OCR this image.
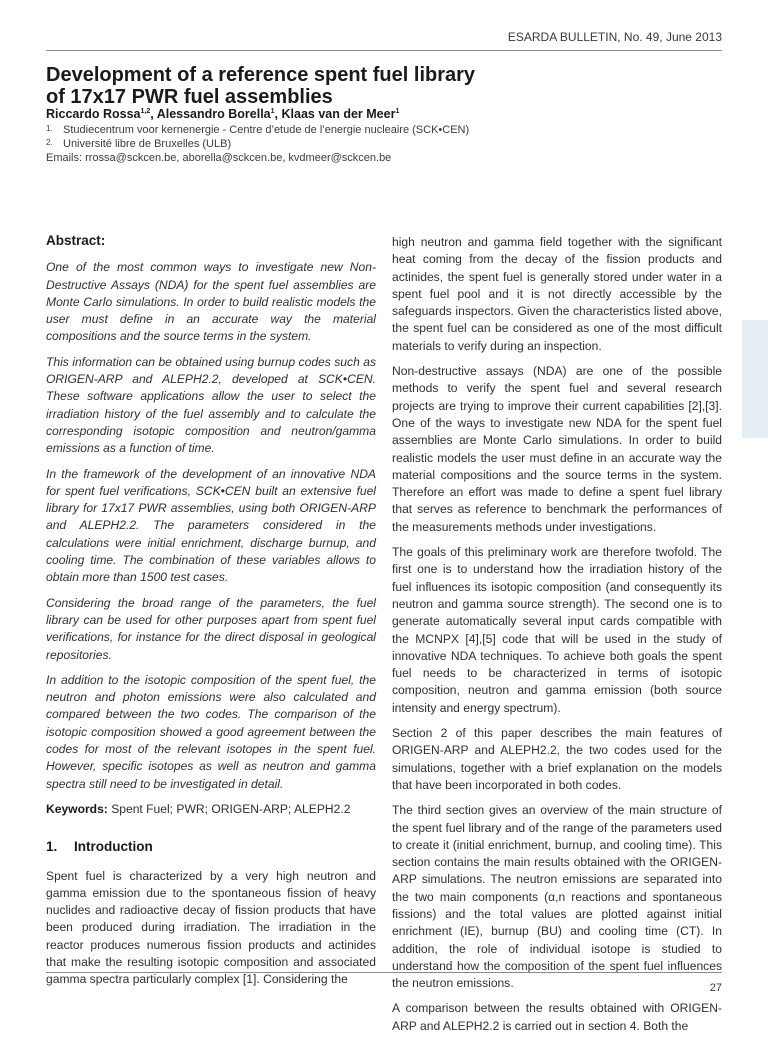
ESARDA BULLETIN, No. 49, June 2013
Development of a reference spent fuel library
of 17x17 PWR fuel assemblies
Riccardo Rossa$^{1,2}$, Alessandro Borella$^1$, Klaas van der Meer$^1$
1. Studiecentrum voor kernenergie - Centre d’etude de l’energie nucleaire (SCK•CEN)
2. Université libre de Bruxelles (ULB)
Emails: rrossa@sckcen.be, aborella@sckcen.be, kvdmeer@sckcen.be
Abstract:

One of the most common ways to investigate new Non-Destructive Assays (NDA) for the spent fuel assemblies are Monte Carlo simulations. In order to build realistic models the user must define in an accurate way the material compositions and the source terms in the system.

This information can be obtained using burnup codes such as ORIGEN-ARP and ALEPH2.2, developed at SCK•CEN. These software applications allow the user to select the irradiation history of the fuel assembly and to calculate the corresponding isotopic composition and neutron/gamma emissions as a function of time.

In the framework of the development of an innovative NDA for spent fuel verifications, SCK•CEN built an extensive fuel library for 17x17 PWR assemblies, using both ORIGEN-ARP and ALEPH2.2. The parameters considered in the calculations were initial enrichment, discharge burnup, and cooling time. The combination of these variables allows to obtain more than 1500 test cases.

Considering the broad range of the parameters, the fuel library can be used for other purposes apart from spent fuel verifications, for instance for the direct disposal in geological repositories.

In addition to the isotopic composition of the spent fuel, the neutron and photon emissions were also calculated and compared between the two codes. The comparison of the isotopic composition showed a good agreement between the codes for most of the relevant isotopes in the spent fuel. However, specific isotopes as well as neutron and gamma spectra still need to be investigated in detail.

Keywords: Spent Fuel; PWR; ORIGEN-ARP; ALEPH2.2

1. Introduction

Spent fuel is characterized by a very high neutron and gamma emission due to the spontaneous fission of heavy nuclides and radioactive decay of fission products that have been produced during irradiation. The irradiation in the reactor produces numerous fission products and actinides that make the resulting isotopic composition and associated gamma spectra particularly complex [1]. Considering the

high neutron and gamma field together with the significant heat coming from the decay of the fission products and actinides, the spent fuel is generally stored under water in a spent fuel pool and it is not directly accessible by the safeguards inspectors. Given the characteristics listed above, the spent fuel can be considered as one of the most difficult materials to verify during an inspection.

Non-destructive assays (NDA) are one of the possible methods to verify the spent fuel and several research projects are trying to improve their current capabilities [2],[3]. One of the ways to investigate new NDA for the spent fuel assemblies are Monte Carlo simulations. In order to build realistic models the user must define in an accurate way the material compositions and the source terms in the system. Therefore an effort was made to define a spent fuel library that serves as reference to benchmark the performances of the measurements methods under investigations.

The goals of this preliminary work are therefore twofold. The first one is to understand how the irradiation history of the fuel influences its isotopic composition (and consequently its neutron and gamma source strength). The second one is to generate automatically several input cards compatible with the MCNPX [4],[5] code that will be used in the study of innovative NDA techniques. To achieve both goals the spent fuel needs to be characterized in terms of isotopic composition, neutron and gamma emission (both source intensity and energy spectrum).

Section 2 of this paper describes the main features of ORIGEN-ARP and ALEPH2.2, the two codes used for the simulations, together with a brief explanation on the models that have been incorporated in both codes.

The third section gives an overview of the main structure of the spent fuel library and of the range of the parameters used to create it (initial enrichment, burnup, and cooling time). This section contains the main results obtained with the ORIGEN-ARP simulations. The neutron emissions are separated into the two main components (α,n reactions and spontaneous fissions) and the total values are plotted against initial enrichment (IE), burnup (BU) and cooling time (CT). In addition, the role of individual isotope is studied to understand how the composition of the spent fuel influences the neutron emissions.

A comparison between the results obtained with ORIGEN-ARP and ALEPH2.2 is carried out in section 4. Both the

27
